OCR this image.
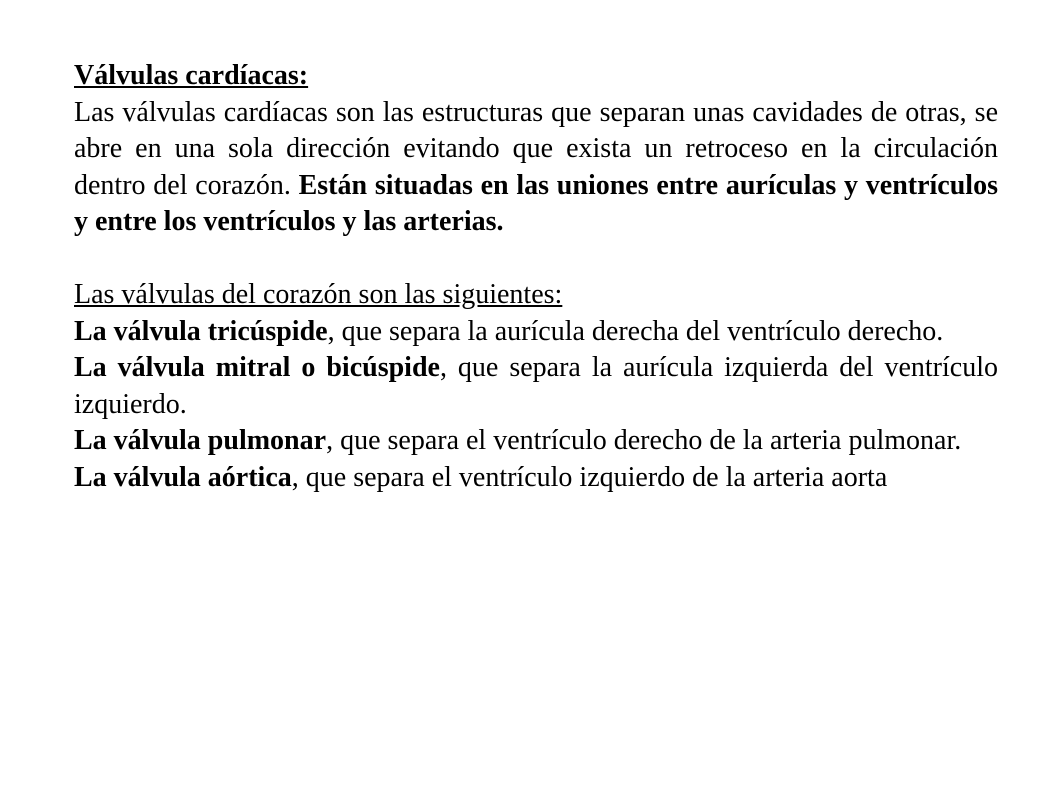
Válvulas cardíacas:

Las válvulas cardíacas son las estructuras que separan unas cavidades de otras, se abre en una sola dirección evitando que exista un retroceso en la circulación dentro del corazón. Están situadas en las uniones entre aurículas y ventrículos y entre los ventrículos y las arterias.

Las válvulas del corazón son las siguientes:

La válvula tricúspide, que separa la aurícula derecha del ventrículo derecho.

La válvula mitral o bicúspide, que separa la aurícula izquierda del ventrículo izquierdo.

La válvula pulmonar, que separa el ventrículo derecho de la arteria pulmonar.

La válvula aórtica, que separa el ventrículo izquierdo de la arteria aorta
